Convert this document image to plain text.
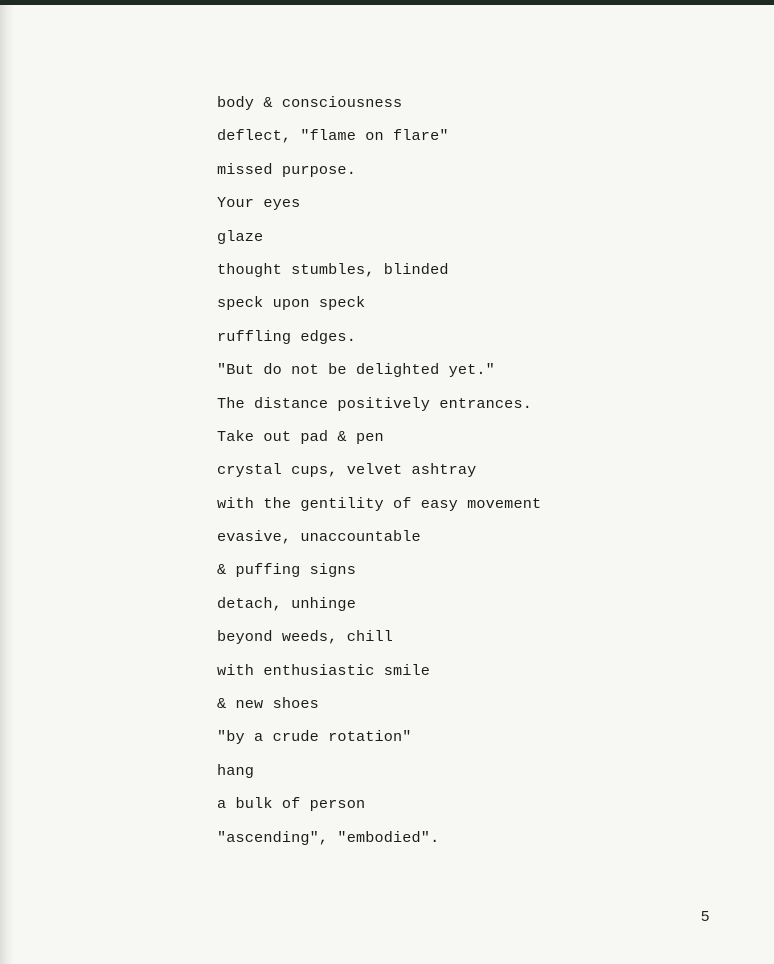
body & consciousness
deflect, "flame on flare"
missed purpose.
Your eyes
glaze
thought stumbles, blinded
speck upon speck
ruffling edges.
"But do not be delighted yet."
The distance positively entrances.
Take out pad & pen
crystal cups, velvet ashtray
with the gentility of easy movement
evasive, unaccountable
& puffing signs
detach, unhinge
beyond weeds, chill
with enthusiastic smile
& new shoes
"by a crude rotation"
hang
a bulk of person
"ascending", "embodied".
5
